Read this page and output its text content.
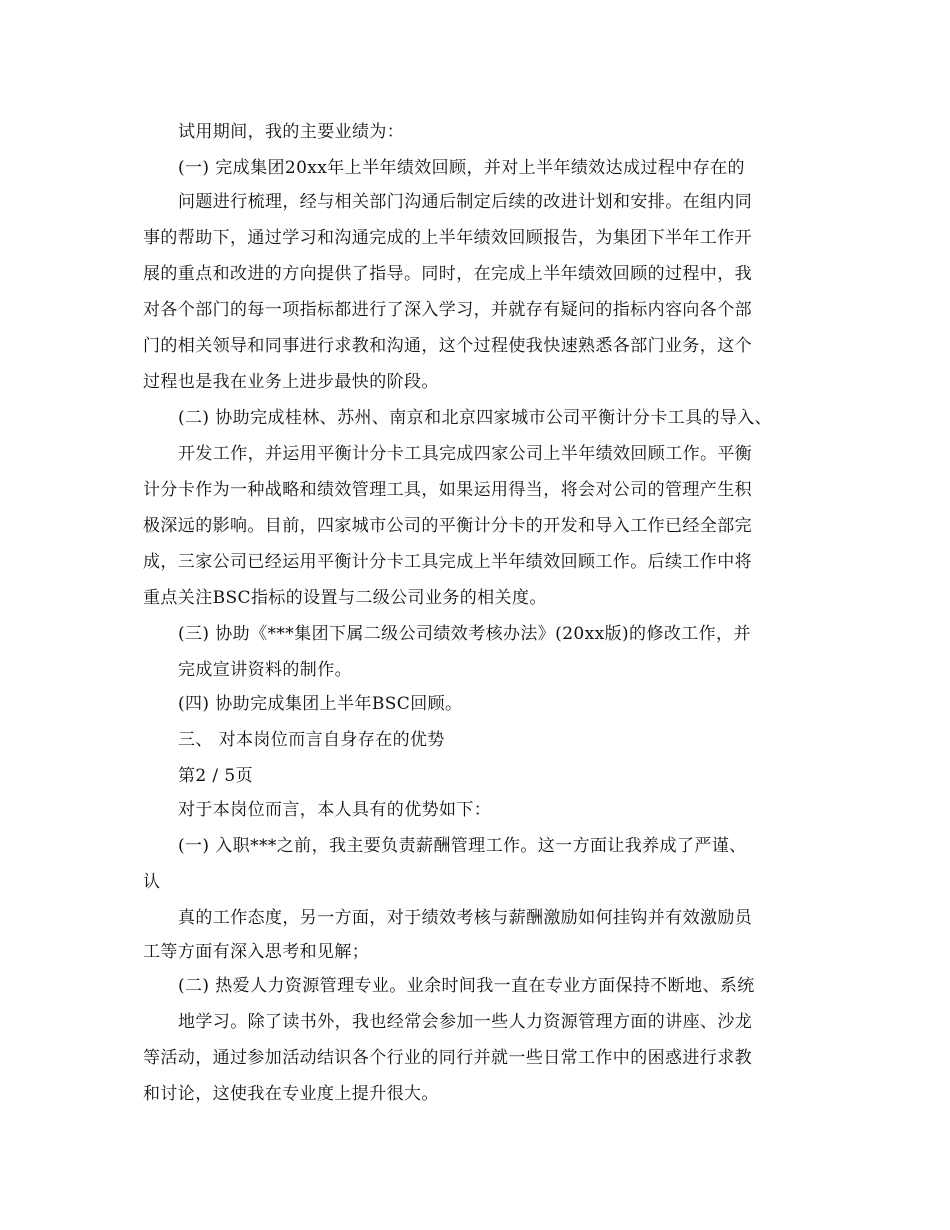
试用期间，我的主要业绩为：
(一) 完成集团20xx年上半年绩效回顾，并对上半年绩效达成过程中存在的
问题进行梳理，经与相关部门沟通后制定后续的改进计划和安排。在组内同
事的帮助下，通过学习和沟通完成的上半年绩效回顾报告，为集团下半年工作开
展的重点和改进的方向提供了指导。同时，在完成上半年绩效回顾的过程中，我
对各个部门的每一项指标都进行了深入学习，并就存有疑问的指标内容向各个部
门的相关领导和同事进行求教和沟通，这个过程使我快速熟悉各部门业务，这个
过程也是我在业务上进步最快的阶段。
(二) 协助完成桂林、苏州、南京和北京四家城市公司平衡计分卡工具的导入、
开发工作，并运用平衡计分卡工具完成四家公司上半年绩效回顾工作。平衡
计分卡作为一种战略和绩效管理工具，如果运用得当，将会对公司的管理产生积
极深远的影响。目前，四家城市公司的平衡计分卡的开发和导入工作已经全部完
成，三家公司已经运用平衡计分卡工具完成上半年绩效回顾工作。后续工作中将
重点关注BSC指标的设置与二级公司业务的相关度。
(三) 协助《***集团下属二级公司绩效考核办法》(20xx版)的修改工作，并
完成宣讲资料的制作。
(四) 协助完成集团上半年BSC回顾。
三、 对本岗位而言自身存在的优势
第2 / 5页
对于本岗位而言，本人具有的优势如下：
(一) 入职***之前，我主要负责薪酬管理工作。这一方面让我养成了严谨、
认
真的工作态度，另一方面，对于绩效考核与薪酬激励如何挂钩并有效激励员
工等方面有深入思考和见解；
(二) 热爱人力资源管理专业。业余时间我一直在专业方面保持不断地、系统
地学习。除了读书外，我也经常会参加一些人力资源管理方面的讲座、沙龙
等活动，通过参加活动结识各个行业的同行并就一些日常工作中的困惑进行求教
和讨论，这使我在专业度上提升很大。
